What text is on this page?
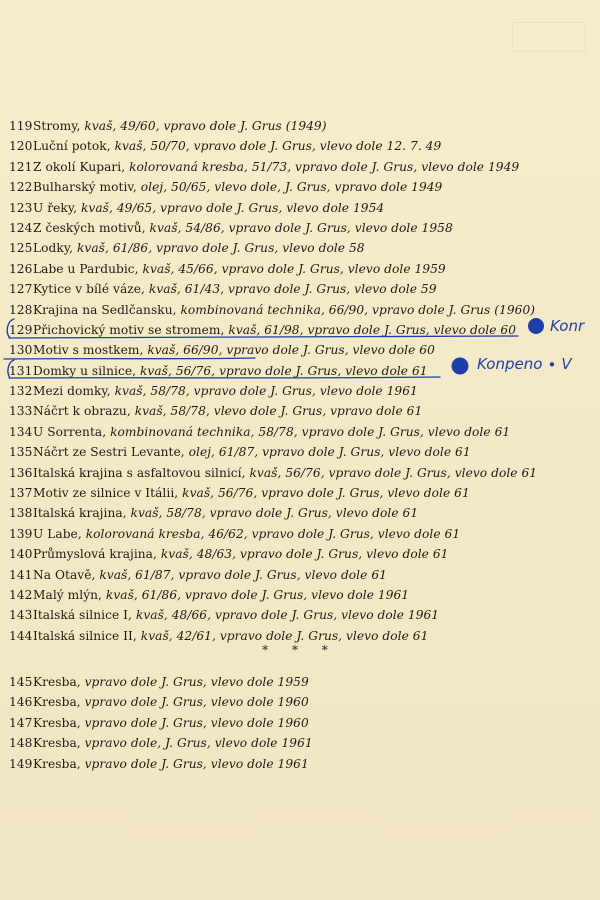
119Stromy , kvaš, 49/60 , vpravo dole J. Grus (1949)
120Luční potok , kvaš, 50/70 , vpravo dole J. Grus, vlevo dole 12. 7. 49
121Z okolí Kupari , kolorovaná kresba, 51/73 , vpravo dole J. Grus, vlevo dole 1949
122Bulharský motiv , olej, 50/65, vlevo dole , J. Grus, vpravo dole 1949
123U řeky , kvaš, 49/65 , vpravo dole J. Grus, vlevo dole 1954
124Z českých motivů , kvaš, 54/86 , vpravo dole J. Grus, vlevo dole 1958
125Lodky , kvaš, 61/86 , vpravo dole J. Grus, vlevo dole 58
126Labe u Pardubic , kvaš, 45/66 , vpravo dole J. Grus, vlevo dole 1959
127Kytice v bílé váze , kvaš, 61/43 , vpravo dole J. Grus, vlevo dole 59
128Krajina na Sedlčansku , kombinovaná technika, 66/90 , vpravo dole J. Grus (1960)
129Přichovický motiv se stromem , kvaš, 61/98 , vpravo dole J. Grus, vlevo dole 60
130Motiv s mostkem , kvaš, 66/90 , vpravo dole J. Grus, vlevo dole 60
131Domky u silnice , kvaš, 56/76 , vpravo dole J. Grus, vlevo dole 61
132Mezi domky , kvaš, 58/78 , vpravo dole J. Grus, vlevo dole 1961
133Náčrt k obrazu , kvaš, 58/78 , vlevo dole J. Grus, vpravo dole 61
134U Sorrenta , kombinovaná technika, 58/78 , vpravo dole J. Grus, vlevo dole 61
135Náčrt ze Sestri Levante , olej, 61/87 , vpravo dole J. Grus, vlevo dole 61
136Italská krajina s asfaltovou silnicí , kvaš, 56/76 , vpravo dole J. Grus, vlevo dole 61
137Motiv ze silnice v Itálii , kvaš, 56/76 , vpravo dole J. Grus, vlevo dole 61
138Italská krajina , kvaš, 58/78 , vpravo dole J. Grus, vlevo dole 61
139U Labe , kolorovaná kresba, 46/62 , vpravo dole J. Grus, vlevo dole 61
140Průmyslová krajina , kvaš, 48/63 , vpravo dole J. Grus, vlevo dole 61
141Na Otavě , kvaš, 61/87 , vpravo dole J. Grus, vlevo dole 61
142Malý mlýn , kvaš, 61/86 , vpravo dole J. Grus, vlevo dole 1961
143Italská silnice I , kvaš, 48/66 , vpravo dole J. Grus, vlevo dole 1961
144Italská silnice II , kvaš, 42/61 , vpravo dole J. Grus, vlevo dole 61
* * *
145Kresba , vpravo dole J. Grus, vlevo dole 1959
146Kresba , vpravo dole J. Grus, vlevo dole 1960
147Kresba , vpravo dole J. Grus, vlevo dole 1960
148Kresba , vpravo dole, J. Grus, vlevo dole 1961
149Kresba , vpravo dole J. Grus, vlevo dole 1961
Konr
Konpeno ∙ V
